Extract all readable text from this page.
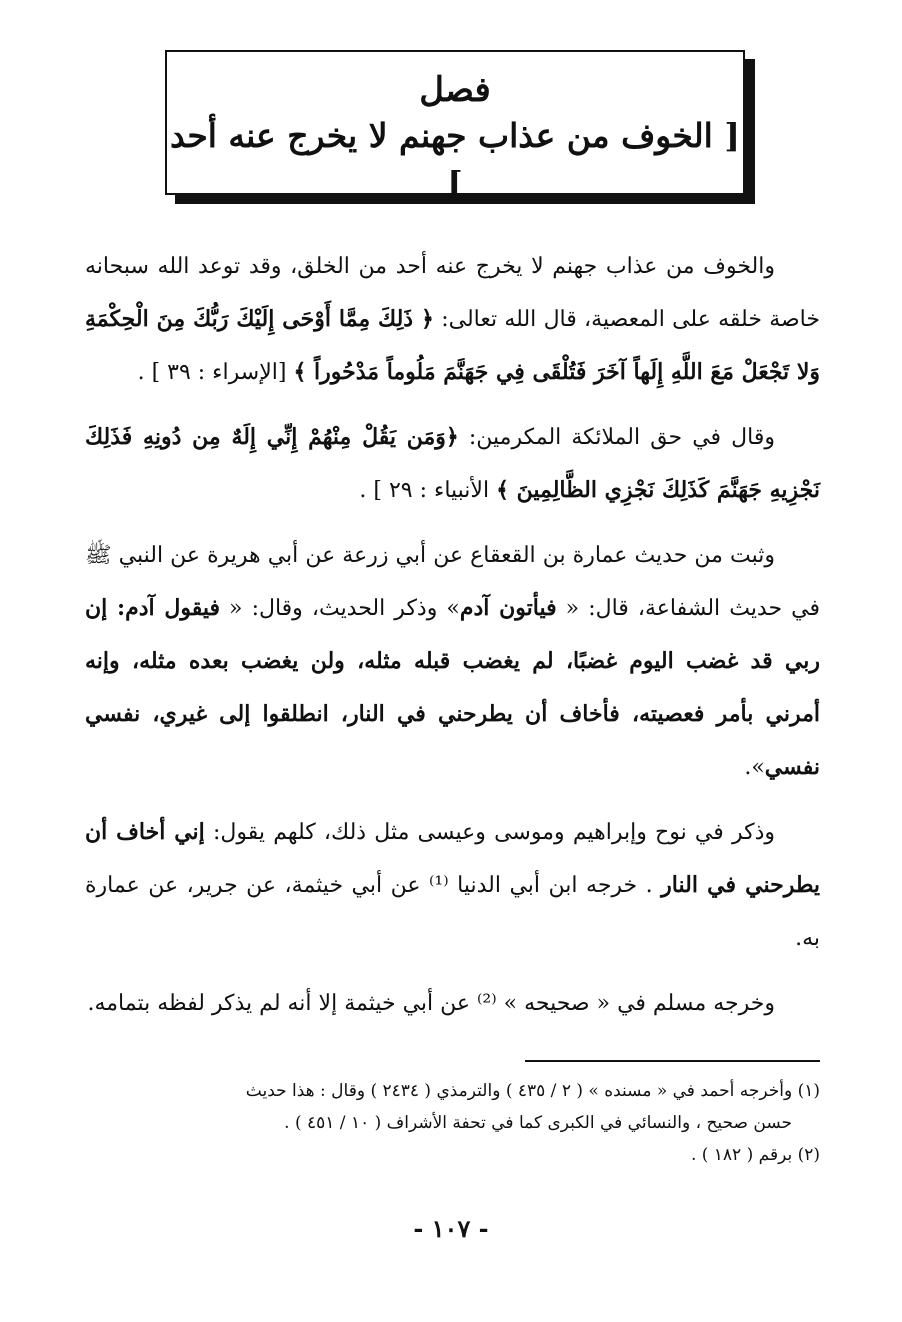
فصل
[ الخوف من عذاب جهنم لا يخرج عنه أحد ]

والخوف من عذاب جهنم لا يخرج عنه أحد من الخلق، وقد توعد الله سبحانه خاصة خلقه على المعصية، قال الله تعالى: ﴿ ذَلِكَ مِمَّا أَوْحَى إِلَيْكَ رَبُّكَ مِنَ الْحِكْمَةِ وَلا تَجْعَلْ مَعَ اللَّهِ إِلَهاً آخَرَ فَتُلْقَى فِي جَهَنَّمَ مَلُوماً مَدْحُوراً ﴾ [الإسراء : ٣٩ ] .

وقال في حق الملائكة المكرمين: ﴿وَمَن يَقُلْ مِنْهُمْ إِنِّي إِلَهٌ مِن دُونِهِ فَذَلِكَ نَجْزِيهِ جَهَنَّمَ كَذَلِكَ نَجْزِي الظَّالِمِينَ ﴾ الأنبياء : ٢٩ ] .

وثبت من حديث عمارة بن القعقاع عن أبي زرعة عن أبي هريرة عن النبي ﷺ في حديث الشفاعة، قال: « فيأتون آدم» وذكر الحديث، وقال: « فيقول آدم: إن ربي قد غضب اليوم غضبًا، لم يغضب قبله مثله، ولن يغضب بعده مثله، وإنه أمرني بأمر فعصيته، فأخاف أن يطرحني في النار، انطلقوا إلى غيري، نفسي نفسي».

وذكر في نوح وإبراهيم وموسى وعيسى مثل ذلك، كلهم يقول: إني أخاف أن يطرحني في النار . خرجه ابن أبي الدنيا ⁽¹⁾ عن أبي خيثمة، عن جرير، عن عمارة به.

وخرجه مسلم في « صحيحه » ⁽²⁾ عن أبي خيثمة إلا أنه لم يذكر لفظه بتمامه.

(١) وأخرجه أحمد في « مسنده » ( ٢ / ٤٣٥ ) والترمذي ( ٢٤٣٤ ) وقال : هذا حديث

حسن صحيح ، والنسائي في الكبرى كما في تحفة الأشراف ( ١٠ / ٤٥١ ) .

(٢) برقم ( ١٨٢ ) .

- ١٠٧ -
